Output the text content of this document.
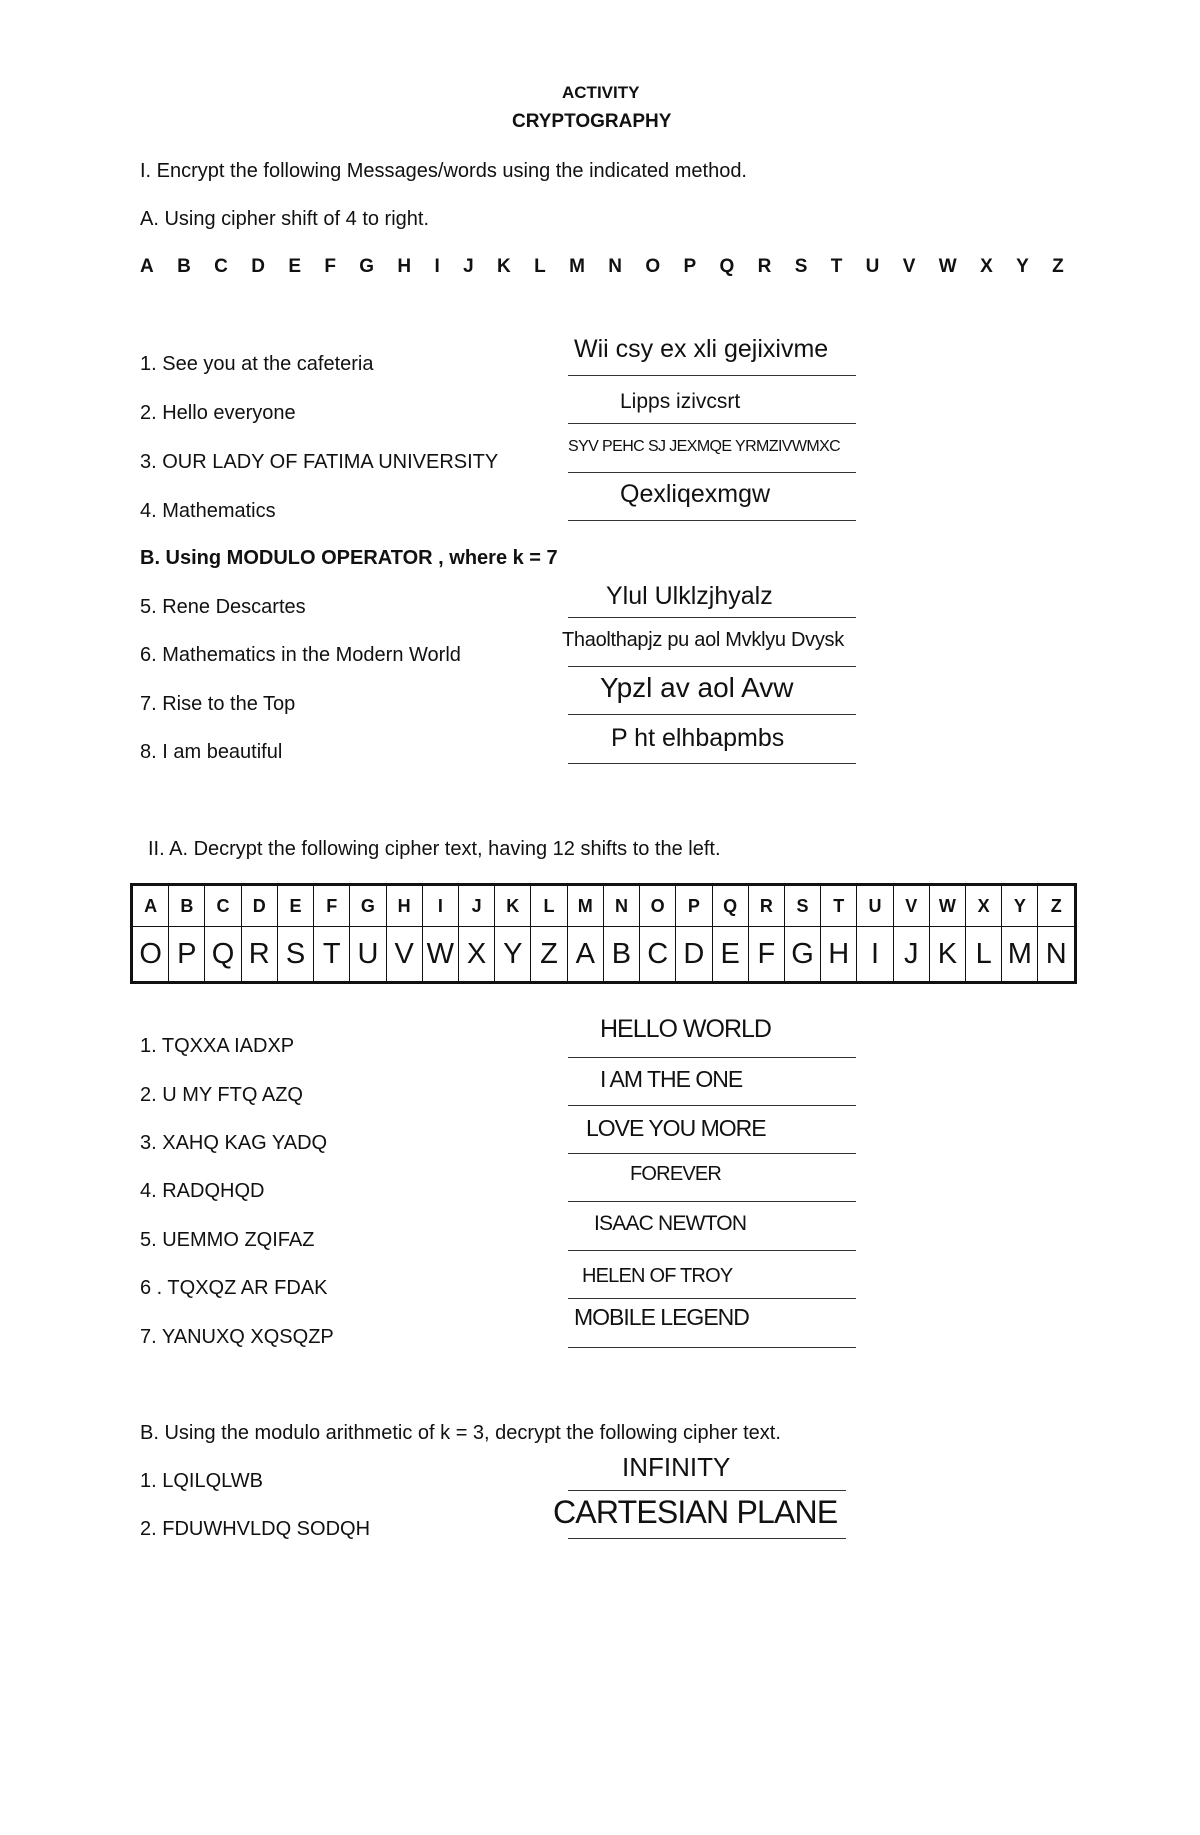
ACTIVITY
CRYPTOGRAPHY
I. Encrypt the following Messages/words using the indicated method.
A. Using cipher shift of 4 to right.
A B C D E F G H I J K L M N O P Q R S T U V W X Y Z
1. See you at the cafeteria
Wii csy ex xli gejixivme
2. Hello everyone	Lipps izivcsrt
3. OUR LADY OF FATIMA UNIVERSITY
SYV PEHC SJ JEXMQE YRMZIVWMXC
4. Mathematics
Qexliqexmgw
B. Using MODULO OPERATOR , where k = 7
5. Rene Descartes	Ylul Ulklzjhyalz
6. Mathematics in the Modern World
Thaolthapjz pu aol Mvklyu Dvysk
7. Rise to the Top
Ypzl av aol Avw
8. I am beautiful	P ht elhbapmbs
II. A. Decrypt the following cipher text, having 12 shifts to the left.
A	B	C	D	E	F	G	H	I	J	K	L	M	N	O	P	Q	R	S	T	U	V	W	X	Y	Z
O	P	Q	R	S	T	U	V	W	X	Y	Z	A	B	C	D	E	F	G	H	I	J	K	L	M	N
1. TQXXA IADXP
HELLO WORLD
2. U MY FTQ AZQ
I AM THE ONE
3. XAHQ KAG YADQ
LOVE YOU MORE
4. RADQHQD
FOREVER
5. UEMMO ZQIFAZ
ISAAC NEWTON
6 . TQXQZ AR FDAK
HELEN OF TROY
7. YANUXQ XQSQZP
MOBILE LEGEND
B. Using the modulo arithmetic of k = 3, decrypt the following cipher text.
1. LQILQLWB	INFINITY
2. FDUWHVLDQ SODQH	CARTESIAN PLANE
